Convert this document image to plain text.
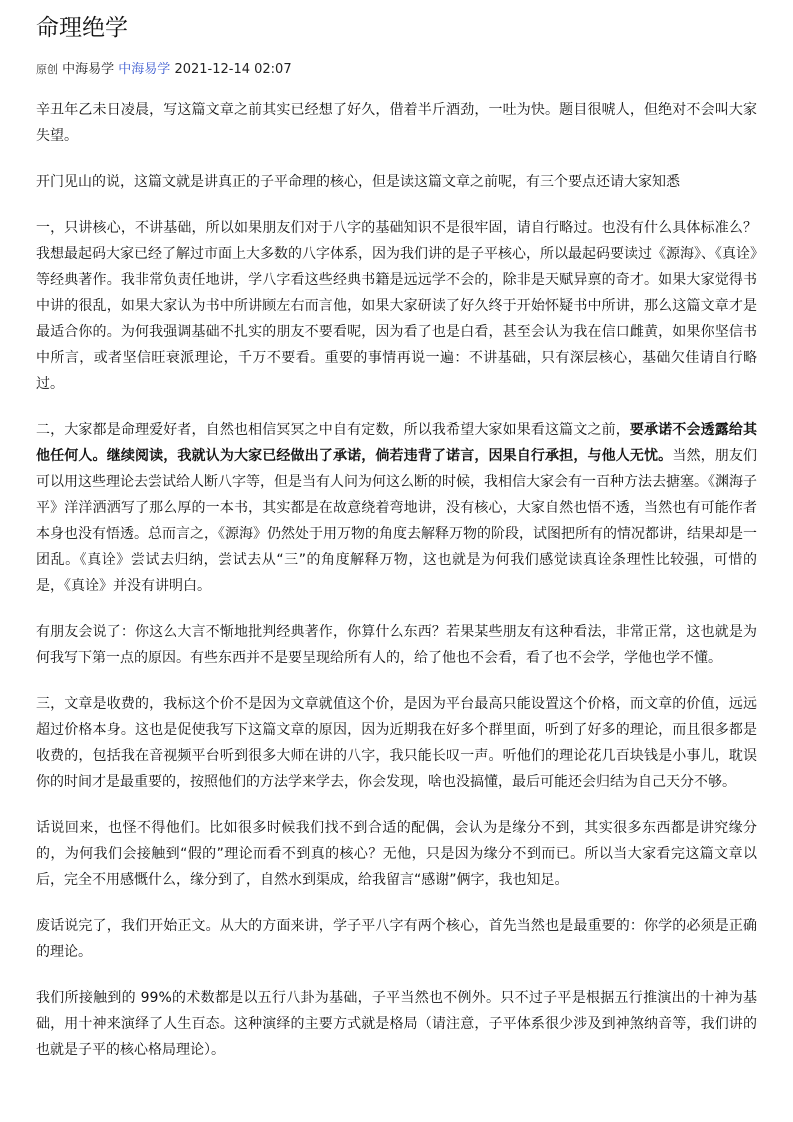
命理绝学
原创 中海易学 中海易学 2021-12-14 02:07

辛丑年乙未日凌晨，写这篇文章之前其实已经想了好久，借着半斤酒劲，一吐为快。题目很唬人，但绝对不会叫大家失望。

开门见山的说，这篇文就是讲真正的子平命理的核心，但是读这篇文章之前呢，有三个要点还请大家知悉

一，只讲核心，不讲基础，所以如果朋友们对于八字的基础知识不是很牢固，请自行略过。也没有什么具体标准么？我想最起码大家已经了解过市面上大多数的八字体系，因为我们讲的是子平核心，所以最起码要读过《源海》、《真诠》等经典著作。我非常负责任地讲，学八字看这些经典书籍是远远学不会的，除非是天赋异禀的奇才。如果大家觉得书中讲的很乱，如果大家认为书中所讲顾左右而言他，如果大家研读了好久终于开始怀疑书中所讲，那么这篇文章才是最适合你的。为何我强调基础不扎实的朋友不要看呢，因为看了也是白看，甚至会认为我在信口雌黄，如果你坚信书中所言，或者坚信旺衰派理论，千万不要看。重要的事情再说一遍：不讲基础，只有深层核心，基础欠佳请自行略过。

二，大家都是命理爱好者，自然也相信冥冥之中自有定数，所以我希望大家如果看这篇文之前，要承诺不会透露给其他任何人。继续阅读，我就认为大家已经做出了承诺，倘若违背了诺言，因果自行承担，与他人无忧。当然，朋友们可以用这些理论去尝试给人断八字等，但是当有人问为何这么断的时候，我相信大家会有一百种方法去搪塞。《渊海子平》洋洋洒洒写了那么厚的一本书，其实都是在故意绕着弯地讲，没有核心，大家自然也悟不透，当然也有可能作者本身也没有悟透。总而言之，《源海》仍然处于用万物的角度去解释万物的阶段，试图把所有的情况都讲，结果却是一团乱。《真诠》尝试去归纳，尝试去从“三”的角度解释万物，这也就是为何我们感觉读真诠条理性比较强，可惜的是，《真诠》并没有讲明白。

有朋友会说了：你这么大言不惭地批判经典著作，你算什么东西？若果某些朋友有这种看法，非常正常，这也就是为何我写下第一点的原因。有些东西并不是要呈现给所有人的，给了他也不会看，看了也不会学，学他也学不懂。

三，文章是收费的，我标这个价不是因为文章就值这个价，是因为平台最高只能设置这个价格，而文章的价值，远远超过价格本身。这也是促使我写下这篇文章的原因，因为近期我在好多个群里面，听到了好多的理论，而且很多都是收费的，包括我在音视频平台听到很多大师在讲的八字，我只能长叹一声。听他们的理论花几百块钱是小事儿，耽误你的时间才是最重要的，按照他们的方法学来学去，你会发现，啥也没搞懂，最后可能还会归结为自己天分不够。

话说回来，也怪不得他们。比如很多时候我们找不到合适的配偶，会认为是缘分不到，其实很多东西都是讲究缘分的，为何我们会接触到“假的”理论而看不到真的核心？无他，只是因为缘分不到而已。所以当大家看完这篇文章以后，完全不用感慨什么，缘分到了，自然水到渠成，给我留言“感谢”俩字，我也知足。

废话说完了，我们开始正文。从大的方面来讲，学子平八字有两个核心，首先当然也是最重要的：你学的必须是正确的理论。

我们所接触到的 99%的术数都是以五行八卦为基础，子平当然也不例外。只不过子平是根据五行推演出的十神为基础，用十神来演绎了人生百态。这种演绎的主要方式就是格局（请注意，子平体系很少涉及到神煞纳音等，我们讲的也就是子平的核心格局理论）。
